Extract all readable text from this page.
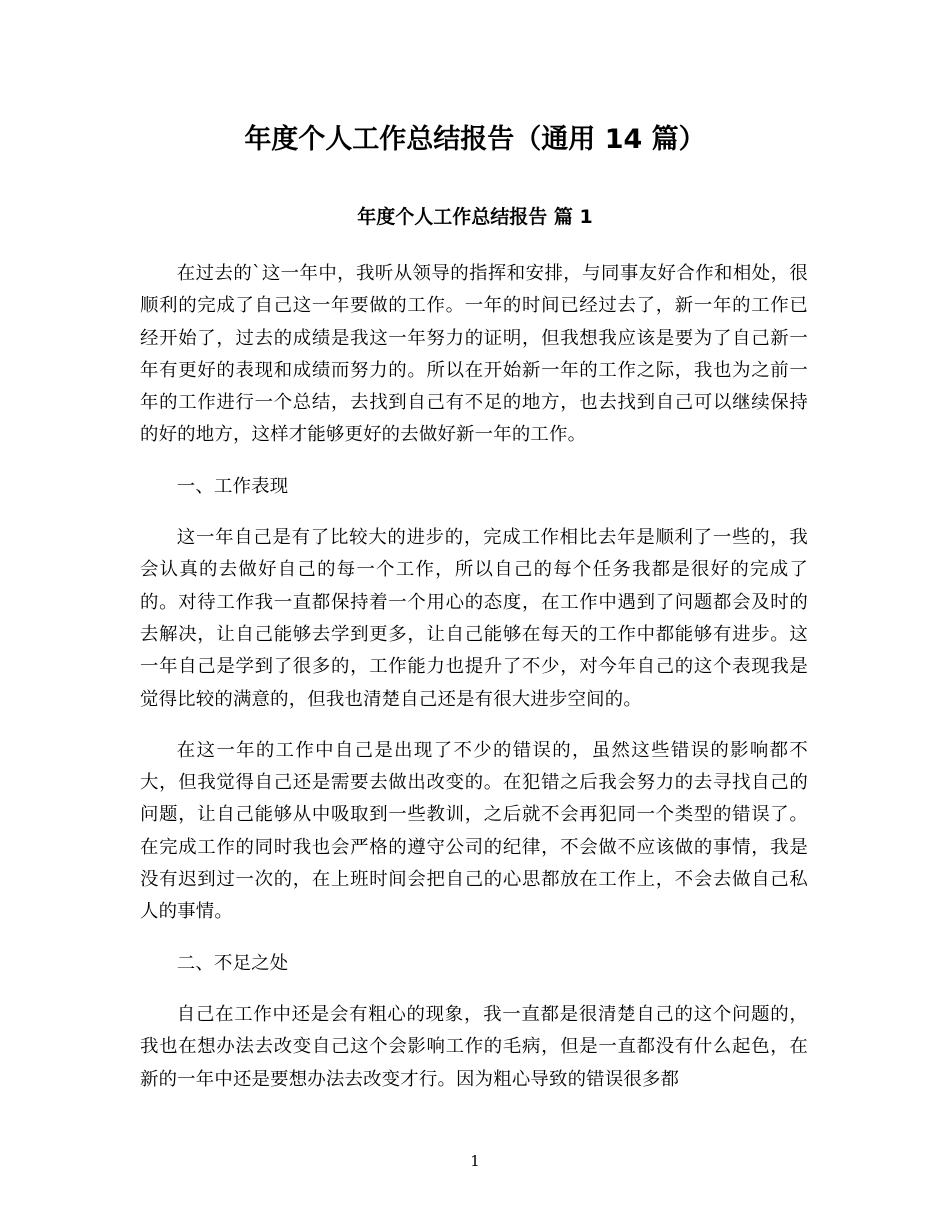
年度个人工作总结报告（通用 14 篇）
年度个人工作总结报告 篇 1

在过去的`这一年中，我听从领导的指挥和安排，与同事友好合作和相处，很顺利的完成了自己这一年要做的工作。一年的时间已经过去了，新一年的工作已经开始了，过去的成绩是我这一年努力的证明，但我想我应该是要为了自己新一年有更好的表现和成绩而努力的。所以在开始新一年的工作之际，我也为之前一年的工作进行一个总结，去找到自己有不足的地方，也去找到自己可以继续保持的好的地方，这样才能够更好的去做好新一年的工作。

一、工作表现

这一年自己是有了比较大的进步的，完成工作相比去年是顺利了一些的，我会认真的去做好自己的每一个工作，所以自己的每个任务我都是很好的完成了的。对待工作我一直都保持着一个用心的态度，在工作中遇到了问题都会及时的去解决，让自己能够去学到更多，让自己能够在每天的工作中都能够有进步。这一年自己是学到了很多的，工作能力也提升了不少，对今年自己的这个表现我是觉得比较的满意的，但我也清楚自己还是有很大进步空间的。

在这一年的工作中自己是出现了不少的错误的，虽然这些错误的影响都不大，但我觉得自己还是需要去做出改变的。在犯错之后我会努力的去寻找自己的问题，让自己能够从中吸取到一些教训，之后就不会再犯同一个类型的错误了。在完成工作的同时我也会严格的遵守公司的纪律，不会做不应该做的事情，我是没有迟到过一次的，在上班时间会把自己的心思都放在工作上，不会去做自己私人的事情。

二、不足之处

自己在工作中还是会有粗心的现象，我一直都是很清楚自己的这个问题的，我也在想办法去改变自己这个会影响工作的毛病，但是一直都没有什么起色，在新的一年中还是要想办法去改变才行。因为粗心导致的错误很多都

1
